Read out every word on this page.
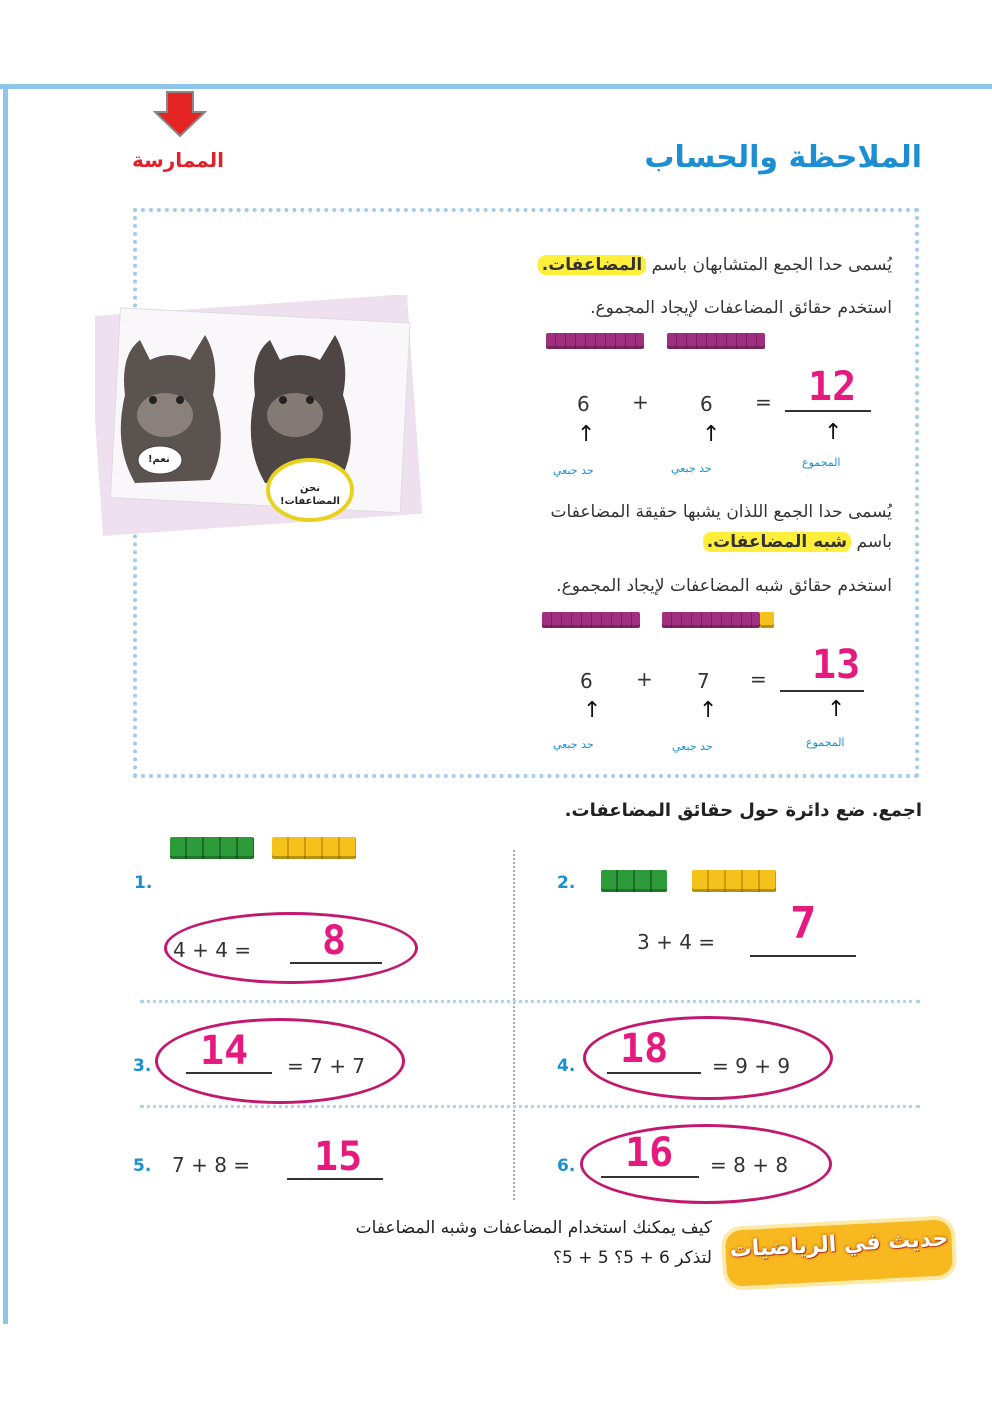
الممارسة	الملاحظة والحساب
نعم!
نحن المضاعفات!
يُسمى حدا الجمع المتشابهان باسم المضاعفات.
استخدم حقائق المضاعفات لإيجاد المجموع.
6 +	6 = 12
↑	↑	↑
حد جبعي	حد جبعي	المجموع
يُسمى حدا الجمع اللذان يشبها حقيقة المضاعفات
باسم شبه المضاعفات.
استخدم حقائق شبه المضاعفات لإيجاد المجموع.
6 + 7 = 13
↑	↑	↑
حد جبعي	حد جبعي	المجموع
اجمع. ضع دائرة حول حقائق المضاعفات.
1.
4 + 4 = 8
2.
3 + 4 = 7
3. 14 = 7 + 7	4. 18 = 9 + 9
5. 7 + 8 = 15	6. 16 = 8 + 8
حديث في الرياضيات
كيف يمكنك استخدام المضاعفات وشبه المضاعفات
لتذكر 6 + 5؟ 5 + 5؟
